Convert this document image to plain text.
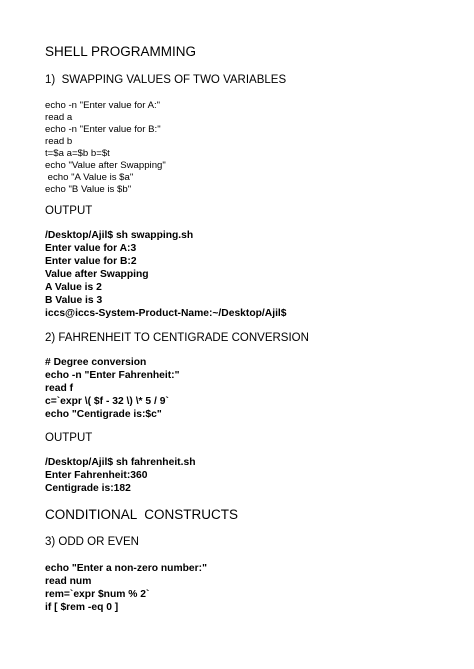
SHELL PROGRAMMING
1)  SWAPPING VALUES OF TWO VARIABLES
echo -n "Enter value for A:"
read a
echo -n "Enter value for B:"
read b
t=$a a=$b b=$t
echo "Value after Swapping"
echo "A Value is $a"
echo "B Value is $b"
OUTPUT
/Desktop/Ajil$ sh swapping.sh
Enter value for A:3
Enter value for B:2
Value after Swapping
A Value is 2
B Value is 3
iccs@iccs-System-Product-Name:~/Desktop/Ajil$
2) FAHRENHEIT TO CENTIGRADE CONVERSION
# Degree conversion
echo -n "Enter Fahrenheit:"
read f
c=`expr \( $f - 32 \) \* 5 / 9`
echo "Centigrade is:$c"
OUTPUT
/Desktop/Ajil$ sh fahrenheit.sh
Enter Fahrenheit:360
Centigrade is:182
CONDITIONAL  CONSTRUCTS
3) ODD OR EVEN
echo "Enter a non-zero number:"
read num
rem=`expr $num % 2`
if [ $rem -eq 0 ]
